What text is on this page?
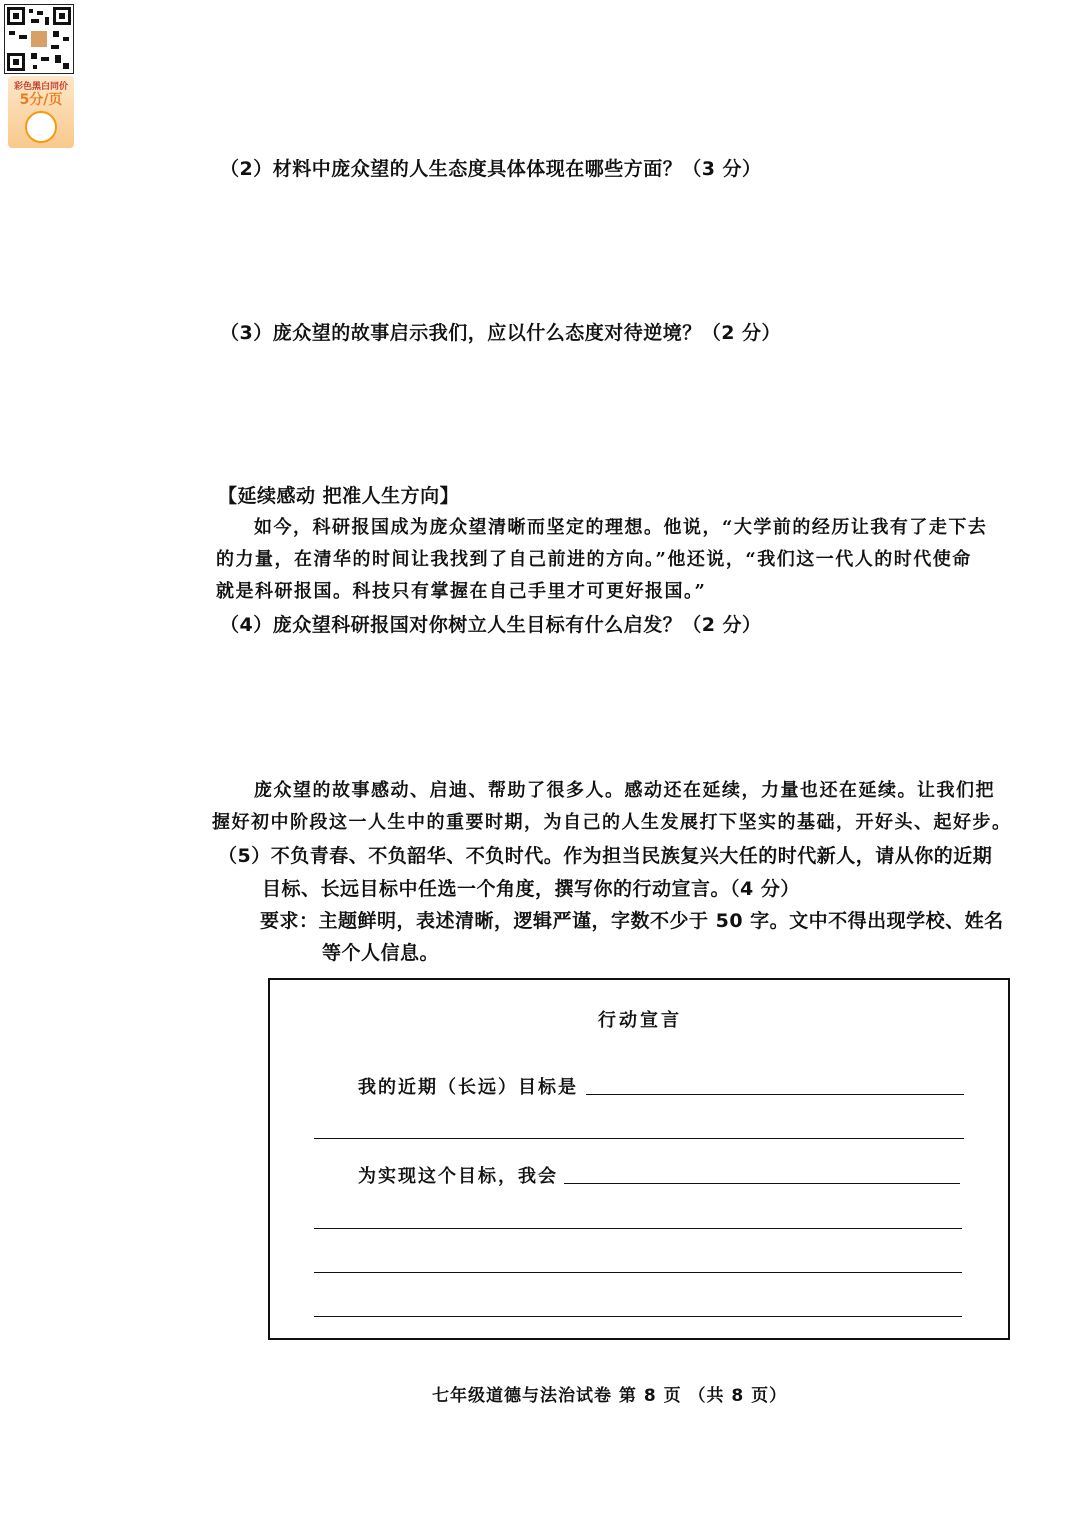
彩色黑白同价
5分/页
（2）材料中庞众望的人生态度具体体现在哪些方面？（3 分）
（3）庞众望的故事启示我们，应以什么态度对待逆境？（2 分）
【延续感动 把准人生方向】
如今，科研报国成为庞众望清晰而坚定的理想。他说，“大学前的经历让我有了走下去
的力量，在清华的时间让我找到了自己前进的方向。”他还说，“我们这一代人的时代使命
就是科研报国。科技只有掌握在自己手里才可更好报国。”
（4）庞众望科研报国对你树立人生目标有什么启发？（2 分）
庞众望的故事感动、启迪、帮助了很多人。感动还在延续，力量也还在延续。让我们把
握好初中阶段这一人生中的重要时期，为自己的人生发展打下坚实的基础，开好头、起好步。
（5）不负青春、不负韶华、不负时代。作为担当民族复兴大任的时代新人，请从你的近期
目标、长远目标中任选一个角度，撰写你的行动宣言。（4 分）
要求：主题鲜明，表述清晰，逻辑严谨，字数不少于 50 字。文中不得出现学校、姓名
等个人信息。
行动宣言
我的近期（长远）目标是
为实现这个目标，我会
七年级道德与法治试卷 第 8 页 （共 8 页）
